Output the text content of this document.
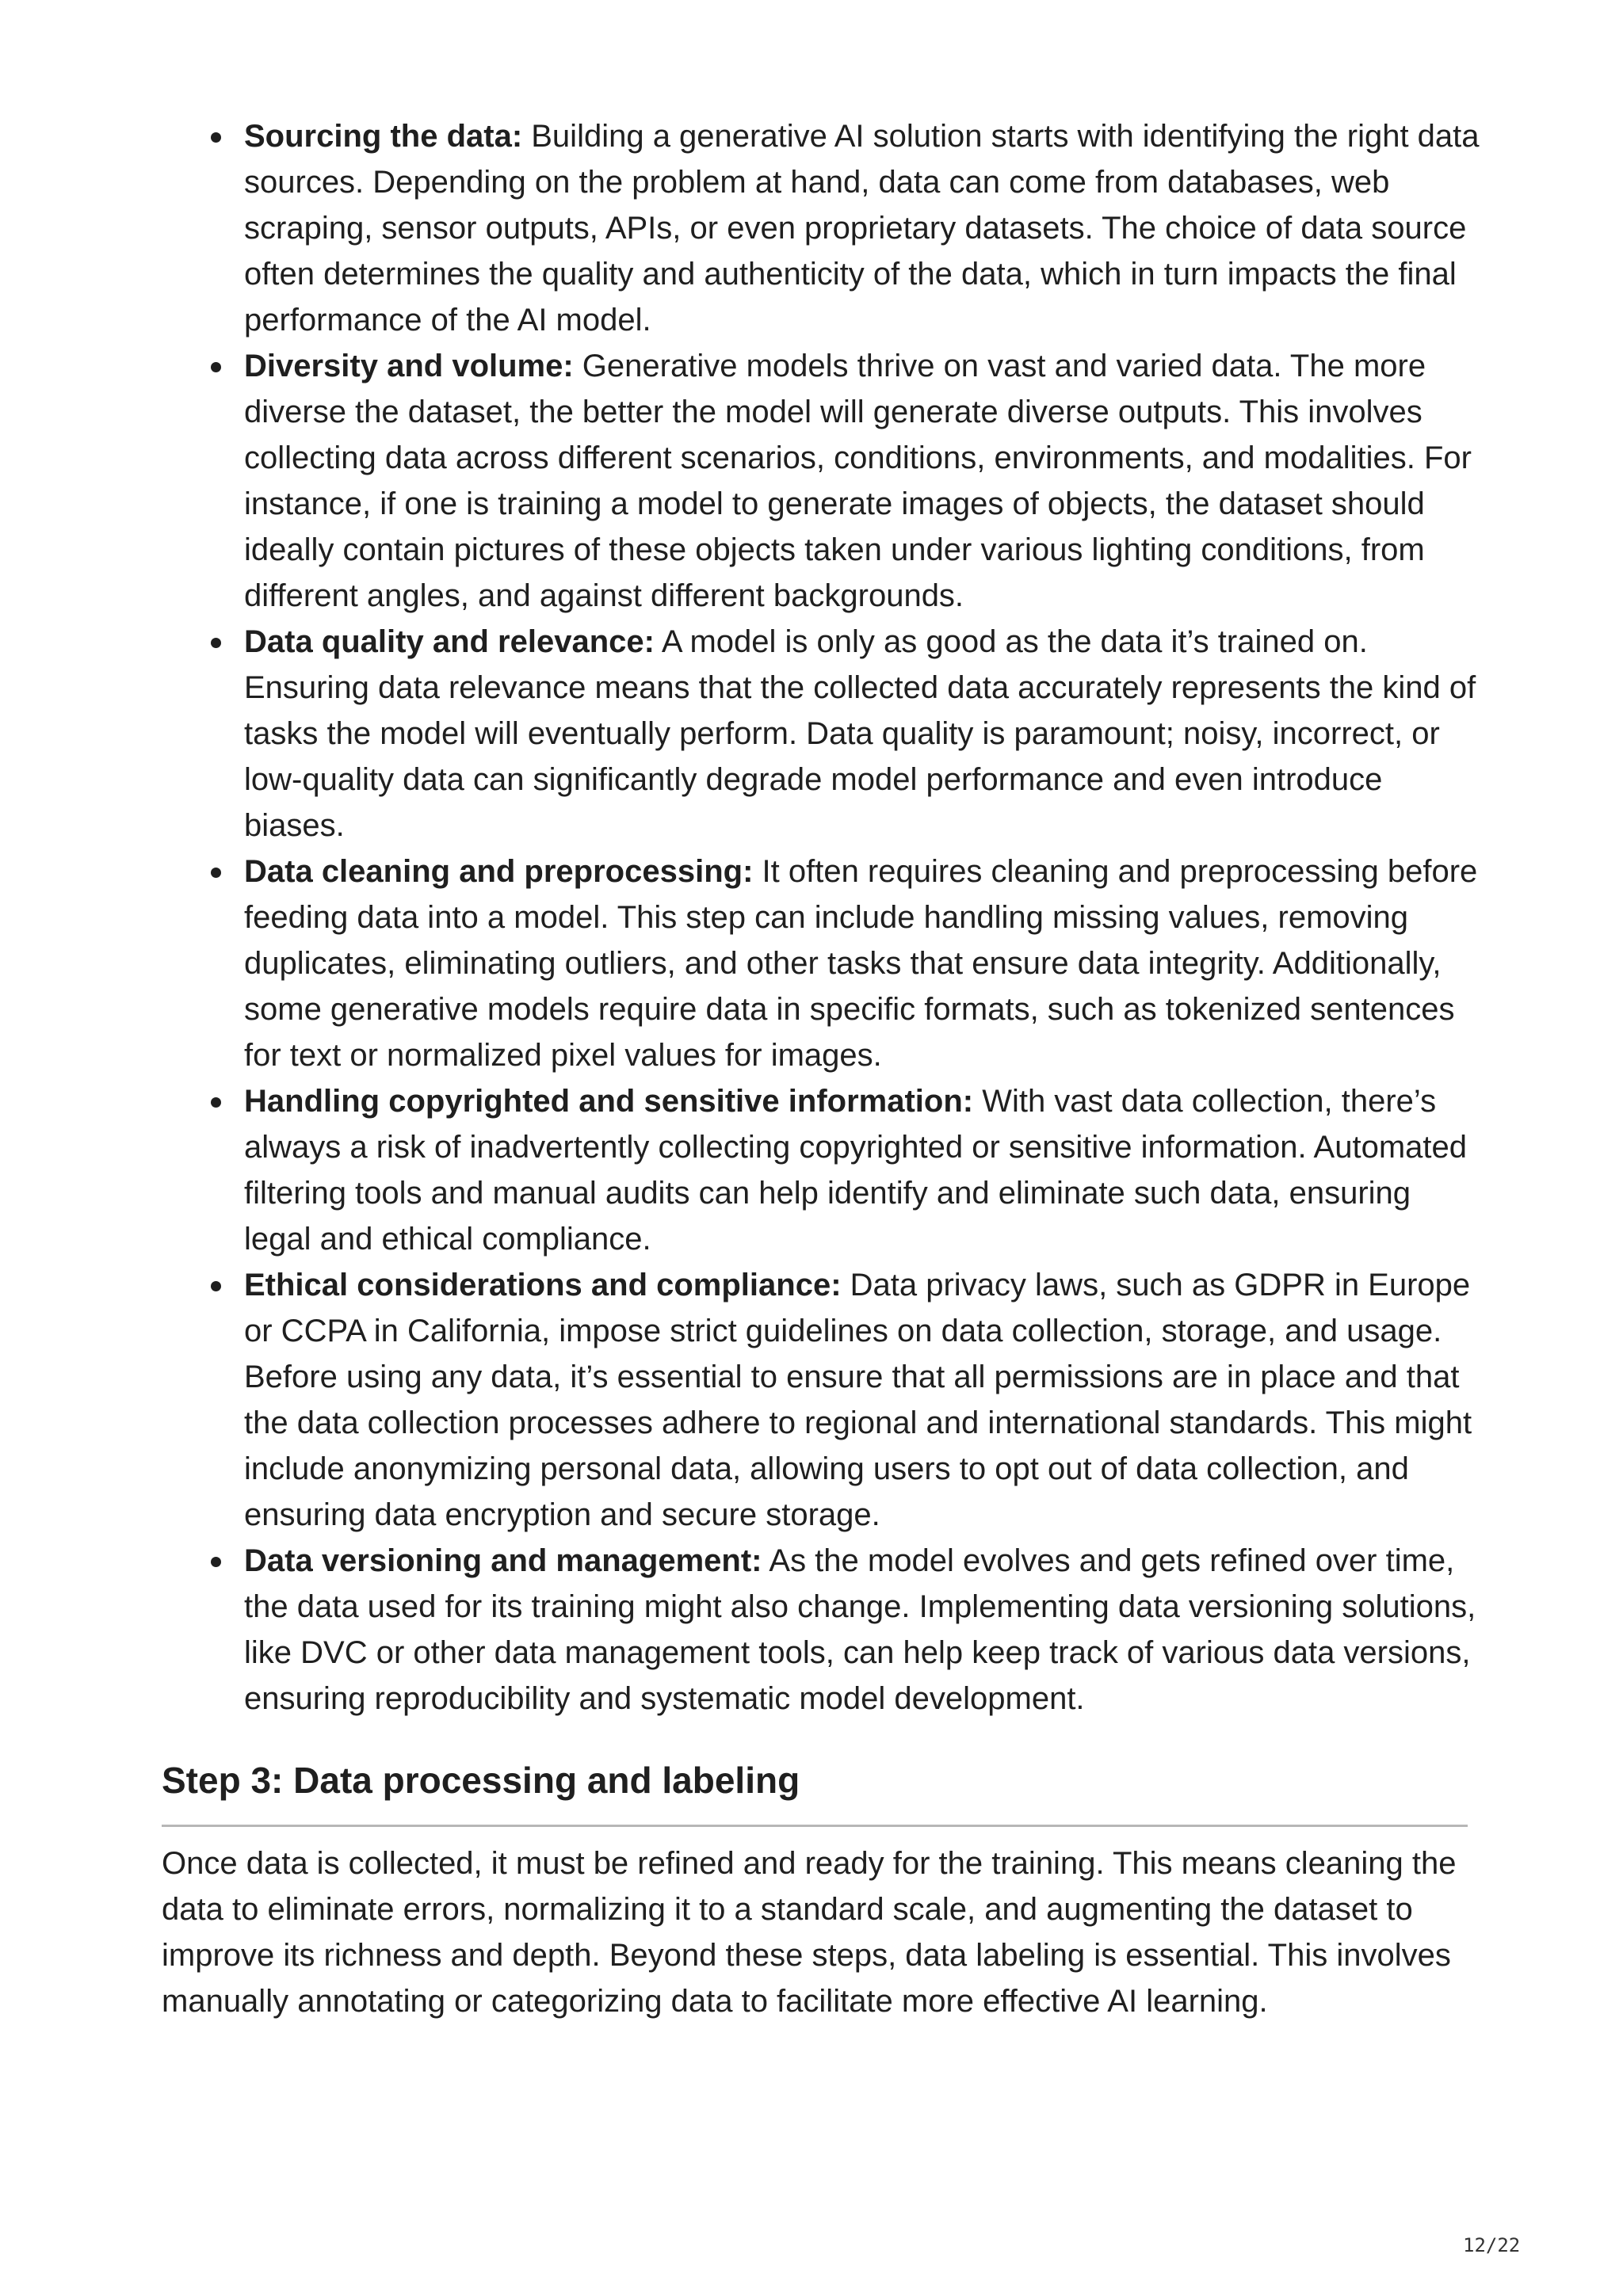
Sourcing the data: Building a generative AI solution starts with identifying the right data sources. Depending on the problem at hand, data can come from databases, web scraping, sensor outputs, APIs, or even proprietary datasets. The choice of data source often determines the quality and authenticity of the data, which in turn impacts the final performance of the AI model.
Diversity and volume: Generative models thrive on vast and varied data. The more diverse the dataset, the better the model will generate diverse outputs. This involves collecting data across different scenarios, conditions, environments, and modalities. For instance, if one is training a model to generate images of objects, the dataset should ideally contain pictures of these objects taken under various lighting conditions, from different angles, and against different backgrounds.
Data quality and relevance: A model is only as good as the data it’s trained on. Ensuring data relevance means that the collected data accurately represents the kind of tasks the model will eventually perform. Data quality is paramount; noisy, incorrect, or low-quality data can significantly degrade model performance and even introduce biases.
Data cleaning and preprocessing: It often requires cleaning and preprocessing before feeding data into a model. This step can include handling missing values, removing duplicates, eliminating outliers, and other tasks that ensure data integrity. Additionally, some generative models require data in specific formats, such as tokenized sentences for text or normalized pixel values for images.
Handling copyrighted and sensitive information: With vast data collection, there’s always a risk of inadvertently collecting copyrighted or sensitive information. Automated filtering tools and manual audits can help identify and eliminate such data, ensuring legal and ethical compliance.
Ethical considerations and compliance: Data privacy laws, such as GDPR in Europe or CCPA in California, impose strict guidelines on data collection, storage, and usage. Before using any data, it’s essential to ensure that all permissions are in place and that the data collection processes adhere to regional and international standards. This might include anonymizing personal data, allowing users to opt out of data collection, and ensuring data encryption and secure storage.
Data versioning and management: As the model evolves and gets refined over time, the data used for its training might also change. Implementing data versioning solutions, like DVC or other data management tools, can help keep track of various data versions, ensuring reproducibility and systematic model development.
Step 3: Data processing and labeling

Once data is collected, it must be refined and ready for the training. This means cleaning the data to eliminate errors, normalizing it to a standard scale, and augmenting the dataset to improve its richness and depth. Beyond these steps, data labeling is essential. This involves manually annotating or categorizing data to facilitate more effective AI learning.

12/22
